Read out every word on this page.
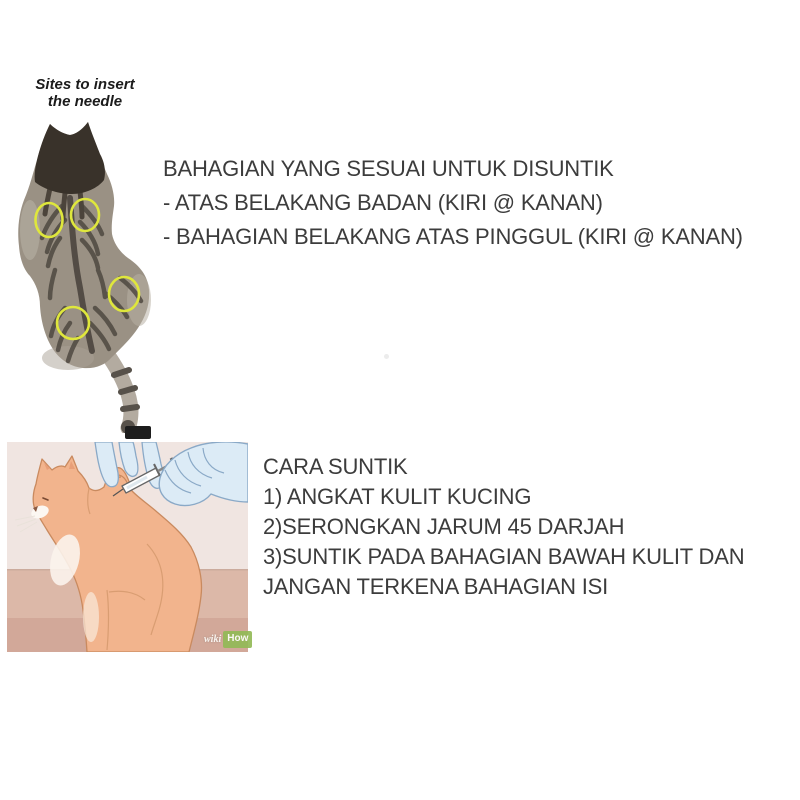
Sites to insert
the needle
BAHAGIAN YANG SESUAI UNTUK DISUNTIK
- ATAS BELAKANG BADAN (KIRI @ KANAN)
- BAHAGIAN BELAKANG ATAS PINGGUL (KIRI @ KANAN)
wiki How
CARA SUNTIK
1) ANGKAT KULIT KUCING
2)SERONGKAN JARUM 45 DARJAH
3)SUNTIK PADA BAHAGIAN BAWAH KULIT DAN
JANGAN TERKENA BAHAGIAN ISI
